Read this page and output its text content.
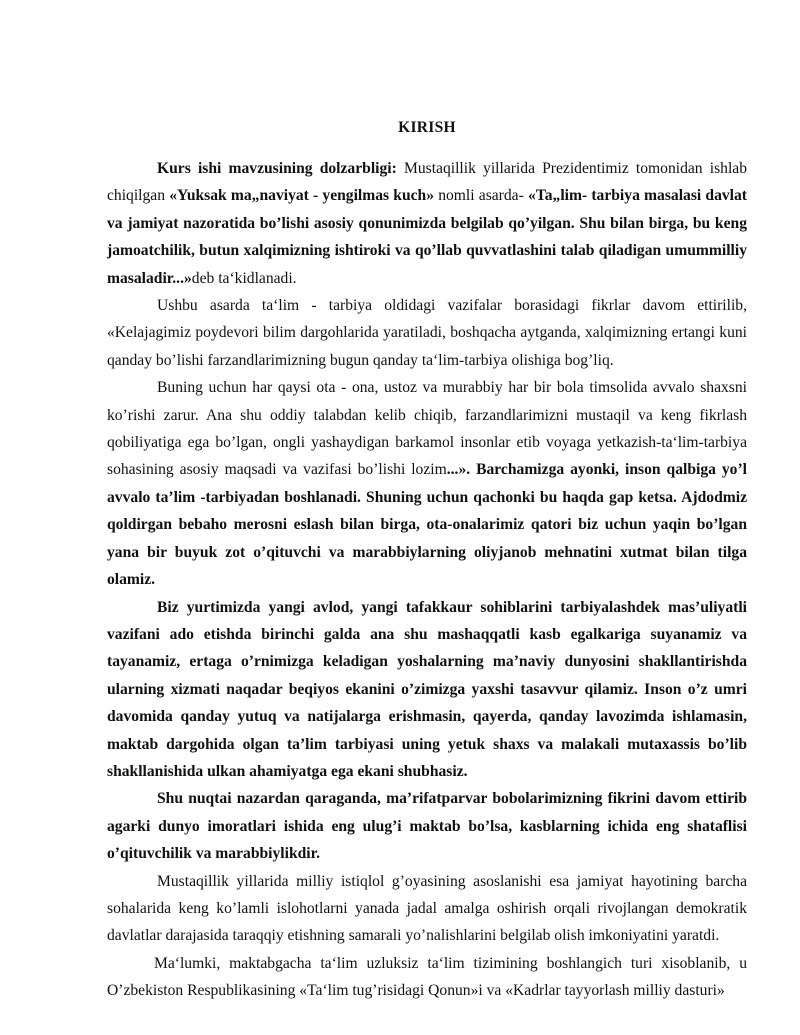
KIRISH

Kurs ishi mavzusining dolzarbligi: Mustaqillik yillarida Prezidentimiz tomonidan ishlab chiqilgan «Yuksak ma„naviyat - yengilmas kuch» nomli asarda- «Ta„lim- tarbiya masalasi davlat va jamiyat nazoratida bo’lishi asosiy qonunimizda belgilab qo’yilgan. Shu bilan birga, bu keng jamoatchilik, butun xalqimizning ishtiroki va qo’llab quvvatlashini talab qiladigan umummilliy masaladir...»deb ta‘kidlanadi.

Ushbu asarda ta‘lim - tarbiya oldidagi vazifalar borasidagi fikrlar davom ettirilib, «Kelajagimiz poydevori bilim dargohlarida yaratiladi, boshqacha aytganda, xalqimizning ertangi kuni qanday bo’lishi farzandlarimizning bugun qanday ta‘lim-tarbiya olishiga bog’liq.

Buning uchun har qaysi ota - ona, ustoz va murabbiy har bir bola timsolida avvalo shaxsni ko’rishi zarur. Ana shu oddiy talabdan kelib chiqib, farzandlarimizni mustaqil va keng fikrlash qobiliyatiga ega bo’lgan, ongli yashaydigan barkamol insonlar etib voyaga yetkazish-ta‘lim-tarbiya sohasining asosiy maqsadi va vazifasi bo’lishi lozim...». Barchamizga ayonki, inson qalbiga yo’l avvalo ta’lim -tarbiyadan boshlanadi. Shuning uchun qachonki bu haqda gap ketsa. Ajdodmiz qoldirgan bebaho merosni eslash bilan birga, ota-onalarimiz qatori biz uchun yaqin bo’lgan yana bir buyuk zot o’qituvchi va marabbiylarning oliyjanob mehnatini xutmat bilan tilga olamiz.

Biz yurtimizda yangi avlod, yangi tafakkaur sohiblarini tarbiyalashdek mas’uliyatli vazifani ado etishda birinchi galda ana shu mashaqqatli kasb egalkariga suyanamiz va tayanamiz, ertaga o’rnimizga keladigan yoshalarning ma’naviy dunyosini shakllantirishda ularning xizmati naqadar beqiyos ekanini o’zimizga yaxshi tasavvur qilamiz. Inson o’z umri davomida qanday yutuq va natijalarga erishmasin, qayerda, qanday lavozimda ishlamasin, maktab dargohida olgan ta’lim tarbiyasi uning yetuk shaxs va malakali mutaxassis bo’lib shakllanishida ulkan ahamiyatga ega ekani shubhasiz.

Shu nuqtai nazardan qaraganda, ma’rifatparvar bobolarimizning fikrini davom ettirib agarki dunyo imoratlari ishida eng ulug’i maktab bo’lsa, kasblarning ichida eng shataflisi o’qituvchilik va marabbiylikdir.

Mustaqillik yillarida milliy istiqlol g’oyasining asoslanishi esa jamiyat hayotining barcha sohalarida keng ko’lamli islohotlarni yanada jadal amalga oshirish orqali rivojlangan demokratik davlatlar darajasida taraqqiy etishning samarali yo’nalishlarini belgilab olish imkoniyatini yaratdi.

Ma‘lumki, maktabgacha ta‘lim uzluksiz ta‘lim tizimining boshlangich turi xisoblanib, u O’zbekiston Respublikasining «Ta‘lim tug’risidagi Qonun»i va «Kadrlar tayyorlash milliy dasturi»
